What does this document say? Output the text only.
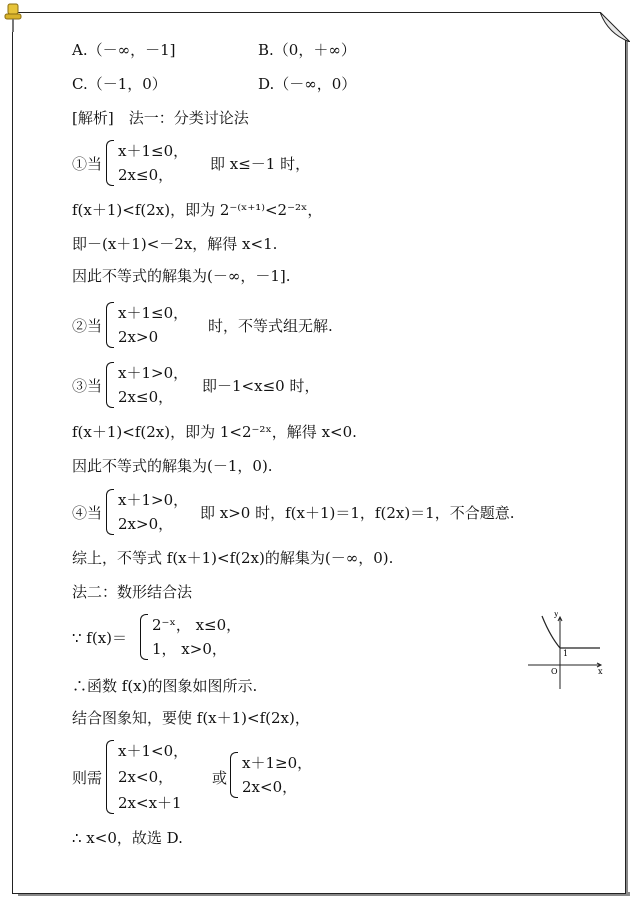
A.（－∞，－1]	B.（0，＋∞）
C.（－1，0）	D.（－∞，0）
[解析]　法一：分类讨论法
①当
x＋1≤0，
2x≤0，
即 x≤－1 时，
f(x＋1)<f(2x)，即为 2⁻⁽ˣ⁺¹⁾<2⁻²ˣ，
即－(x＋1)<－2x，解得 x<1.
因此不等式的解集为(－∞，－1].
②当
x＋1≤0，
2x>0
时，不等式组无解.
③当
x＋1>0，
2x≤0，
即－1<x≤0 时，
f(x＋1)<f(2x)，即为 1<2⁻²ˣ，解得 x<0.
因此不等式的解集为(－1，0).
④当
x＋1>0，
2x>0，
即 x>0 时，f(x＋1)＝1，f(2x)＝1，不合题意.
综上，不等式 f(x＋1)<f(2x)的解集为(－∞，0).
法二：数形结合法
∵ f(x)＝
2⁻ˣ， x≤0，
1， x>0，
y
x
O
1
∴函数 f(x)的图象如图所示.
结合图象知，要使 f(x＋1)<f(2x)，
则需
x＋1<0，
2x<0，
2x<x＋1
或
x＋1≥0，
2x<0，
∴ x<0，故选 D.
